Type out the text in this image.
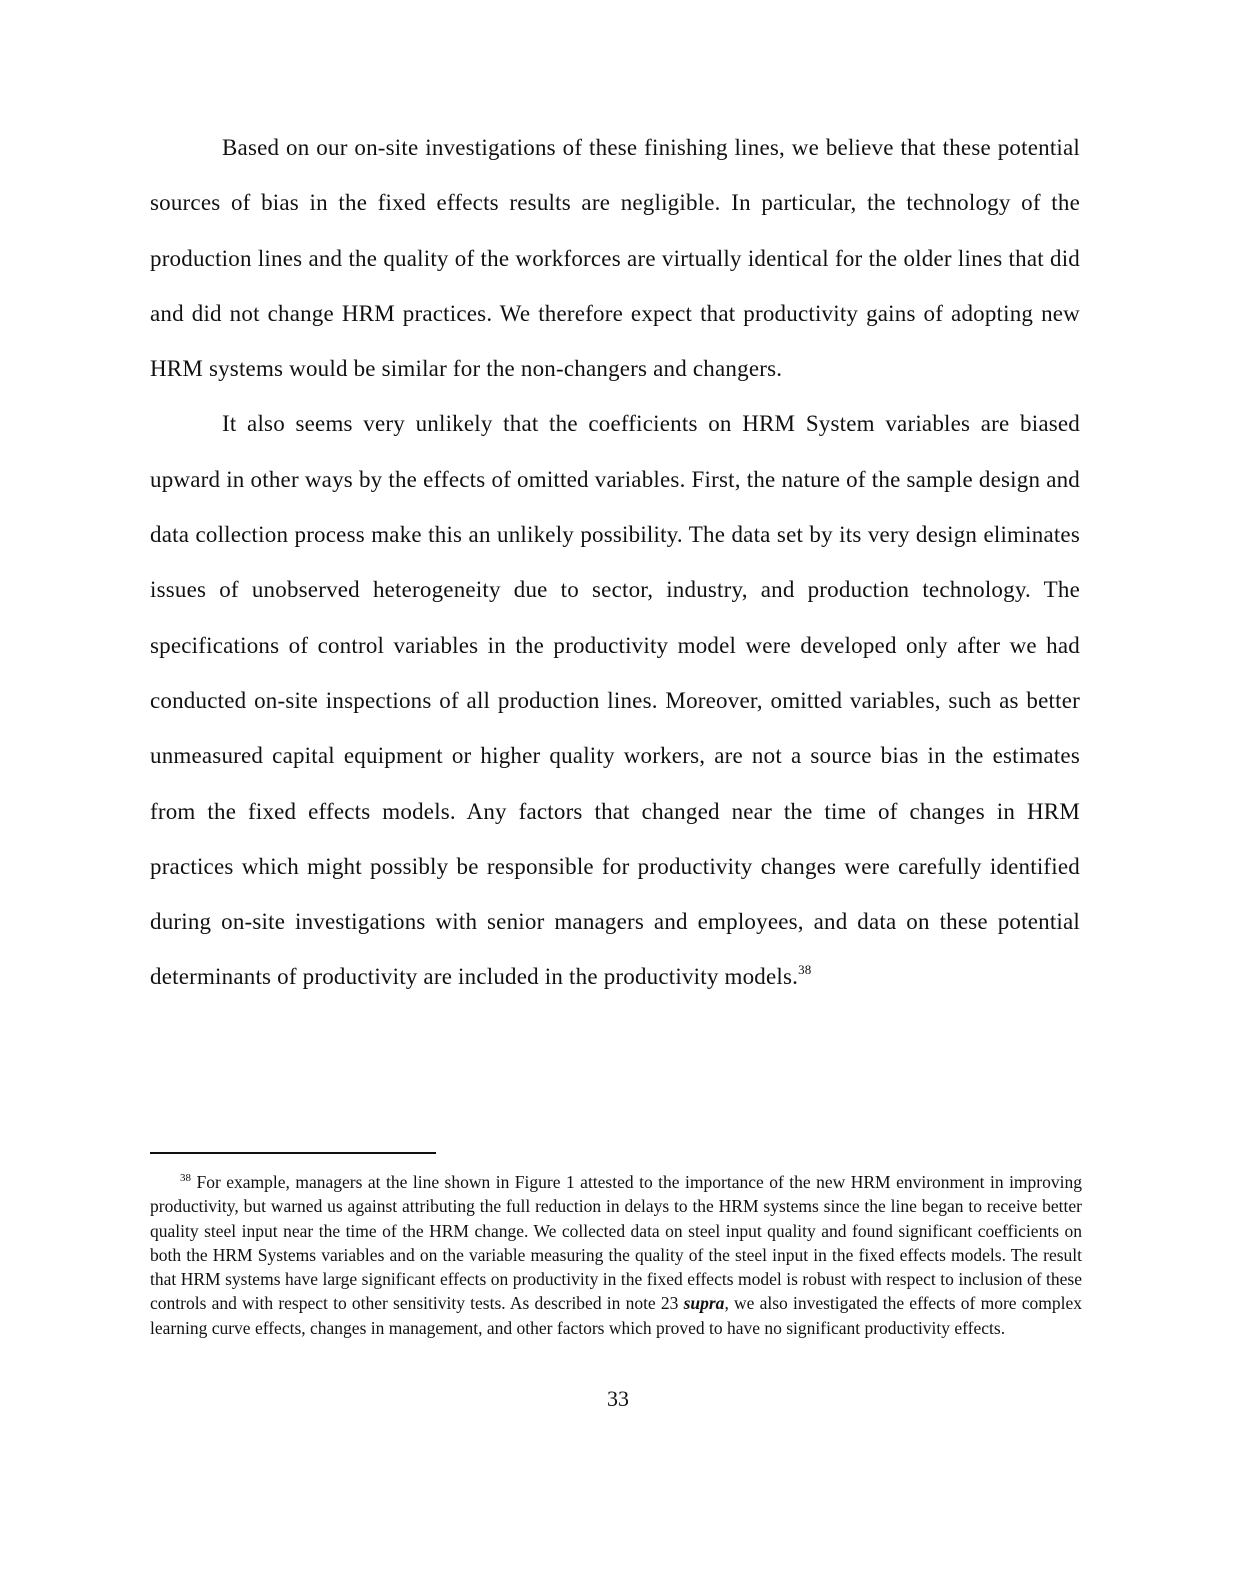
Based on our on-site investigations of these finishing lines, we believe that these potential sources of bias in the fixed effects results are negligible. In particular, the technology of the production lines and the quality of the workforces are virtually identical for the older lines that did and did not change HRM practices. We therefore expect that productivity gains of adopting new HRM systems would be similar for the non-changers and changers.

It also seems very unlikely that the coefficients on HRM System variables are biased upward in other ways by the effects of omitted variables. First, the nature of the sample design and data collection process make this an unlikely possibility. The data set by its very design eliminates issues of unobserved heterogeneity due to sector, industry, and production technology. The specifications of control variables in the productivity model were developed only after we had conducted on-site inspections of all production lines. Moreover, omitted variables, such as better unmeasured capital equipment or higher quality workers, are not a source bias in the estimates from the fixed effects models. Any factors that changed near the time of changes in HRM practices which might possibly be responsible for productivity changes were carefully identified during on-site investigations with senior managers and employees, and data on these potential determinants of productivity are included in the productivity models.$^{38}$

$^{38}$ For example, managers at the line shown in Figure 1 attested to the importance of the new HRM environment in improving productivity, but warned us against attributing the full reduction in delays to the HRM systems since the line began to receive better quality steel input near the time of the HRM change. We collected data on steel input quality and found significant coefficients on both the HRM Systems variables and on the variable measuring the quality of the steel input in the fixed effects models. The result that HRM systems have large significant effects on productivity in the fixed effects model is robust with respect to inclusion of these controls and with respect to other sensitivity tests. As described in note 23 supra, we also investigated the effects of more complex learning curve effects, changes in management, and other factors which proved to have no significant productivity effects.

33
